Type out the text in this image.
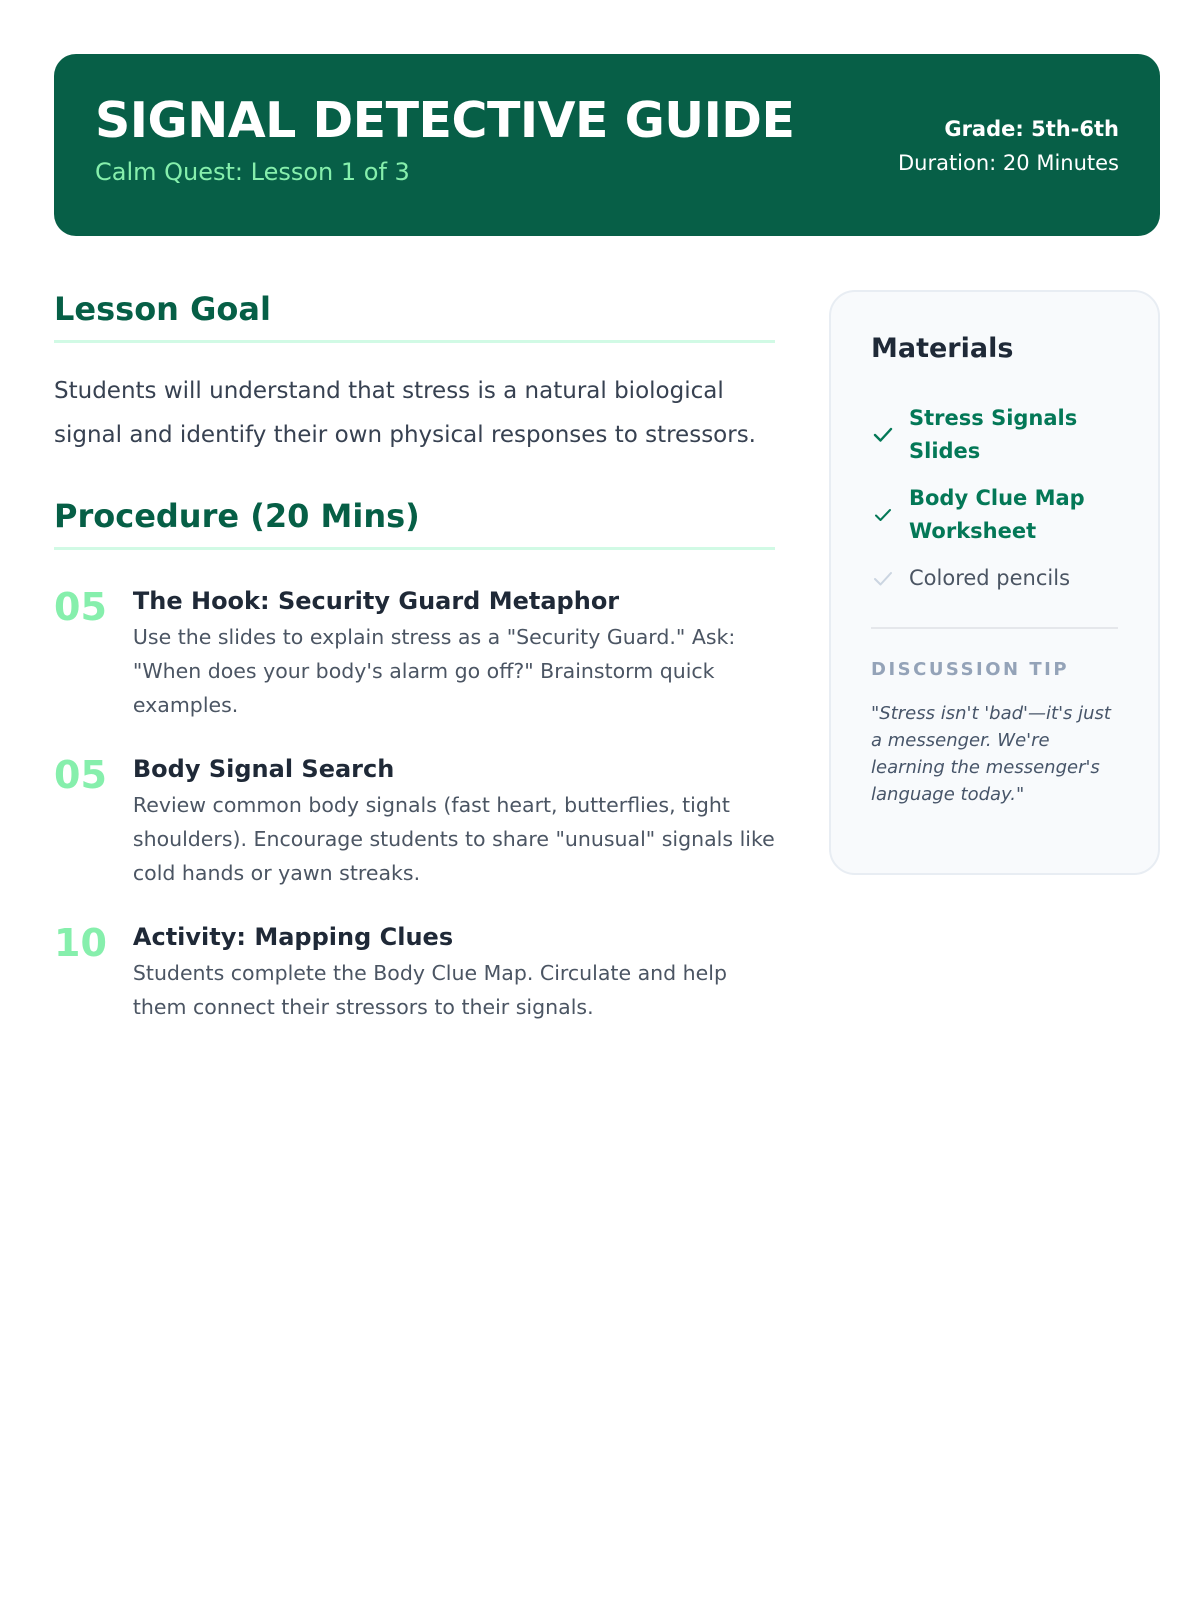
SIGNAL DETECTIVE GUIDE
Calm Quest: Lesson 1 of 3
Grade: 5th-6th
Duration: 20 Minutes
Lesson Goal

Students will understand that stress is a natural biological signal and identify their own physical responses to stressors.

Procedure (20 Mins)
05 The Hook: Security Guard Metaphor
Use the slides to explain stress as a "Security Guard." Ask: "When does your body's alarm go off?" Brainstorm quick examples.
05 Body Signal Search
Review common body signals (fast heart, butterflies, tight shoulders). Encourage students to share "unusual" signals like cold hands or yawn streaks.
10 Activity: Mapping Clues
Students complete the Body Clue Map. Circulate and help them connect their stressors to their signals.
Materials
Stress Signals Slides
Body Clue Map Worksheet
Colored pencils
DISCUSSION TIP

"Stress isn't 'bad'—it's just a messenger. We're learning the messenger's language today."
